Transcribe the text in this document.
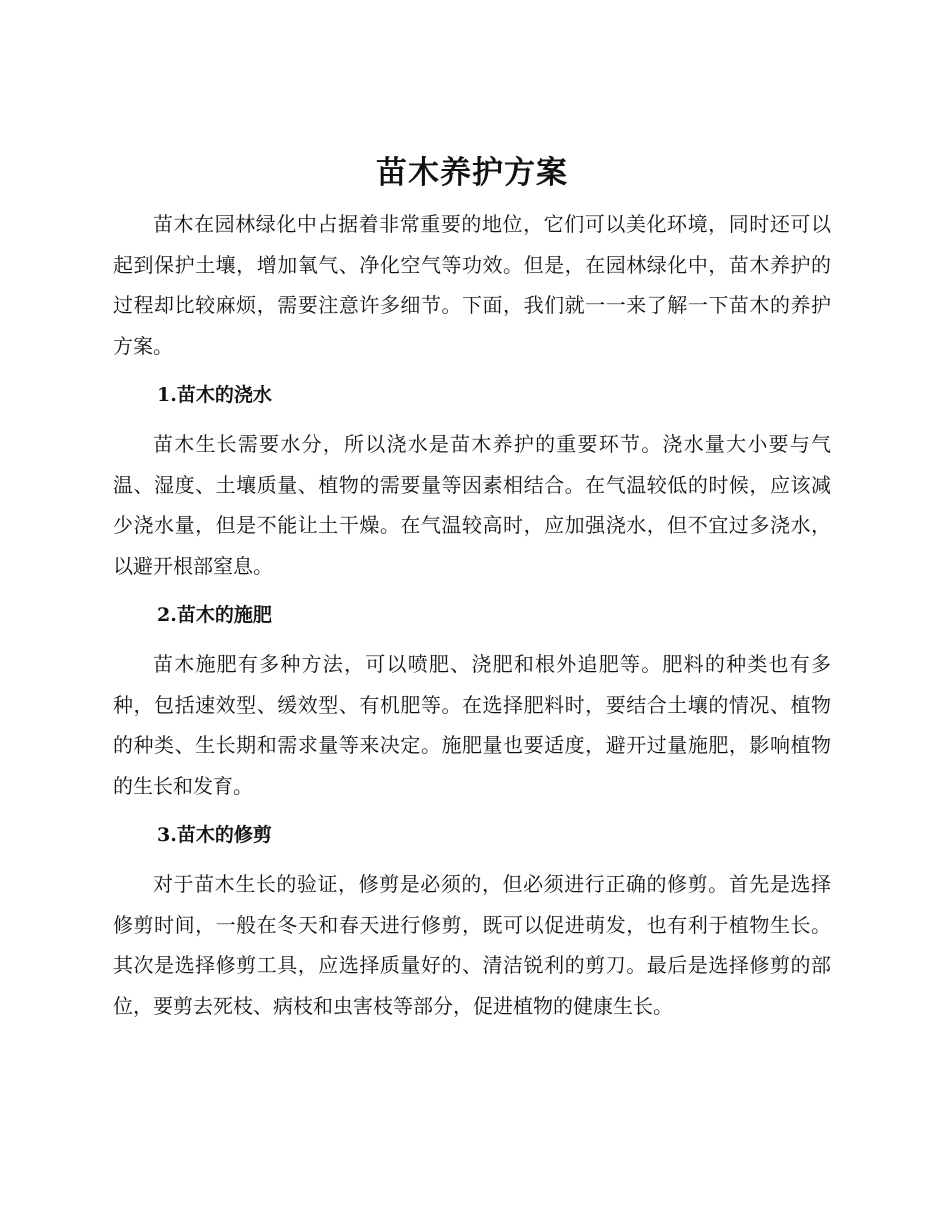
苗木养护方案

苗木在园林绿化中占据着非常重要的地位，它们可以美化环境，同时还可以起到保护土壤，增加氧气、净化空气等功效。但是，在园林绿化中，苗木养护的过程却比较麻烦，需要注意许多细节。下面，我们就一一来了解一下苗木的养护方案。

1.苗木的浇水

苗木生长需要水分，所以浇水是苗木养护的重要环节。浇水量大小要与气温、湿度、土壤质量、植物的需要量等因素相结合。在气温较低的时候，应该减少浇水量，但是不能让土干燥。在气温较高时，应加强浇水，但不宜过多浇水，以避开根部窒息。

2.苗木的施肥

苗木施肥有多种方法，可以喷肥、浇肥和根外追肥等。肥料的种类也有多种，包括速效型、缓效型、有机肥等。在选择肥料时，要结合土壤的情况、植物的种类、生长期和需求量等来决定。施肥量也要适度，避开过量施肥，影响植物的生长和发育。

3.苗木的修剪

对于苗木生长的验证，修剪是必须的，但必须进行正确的修剪。首先是选择修剪时间，一般在冬天和春天进行修剪，既可以促进萌发，也有利于植物生长。其次是选择修剪工具，应选择质量好的、清洁锐利的剪刀。最后是选择修剪的部位，要剪去死枝、病枝和虫害枝等部分，促进植物的健康生长。
